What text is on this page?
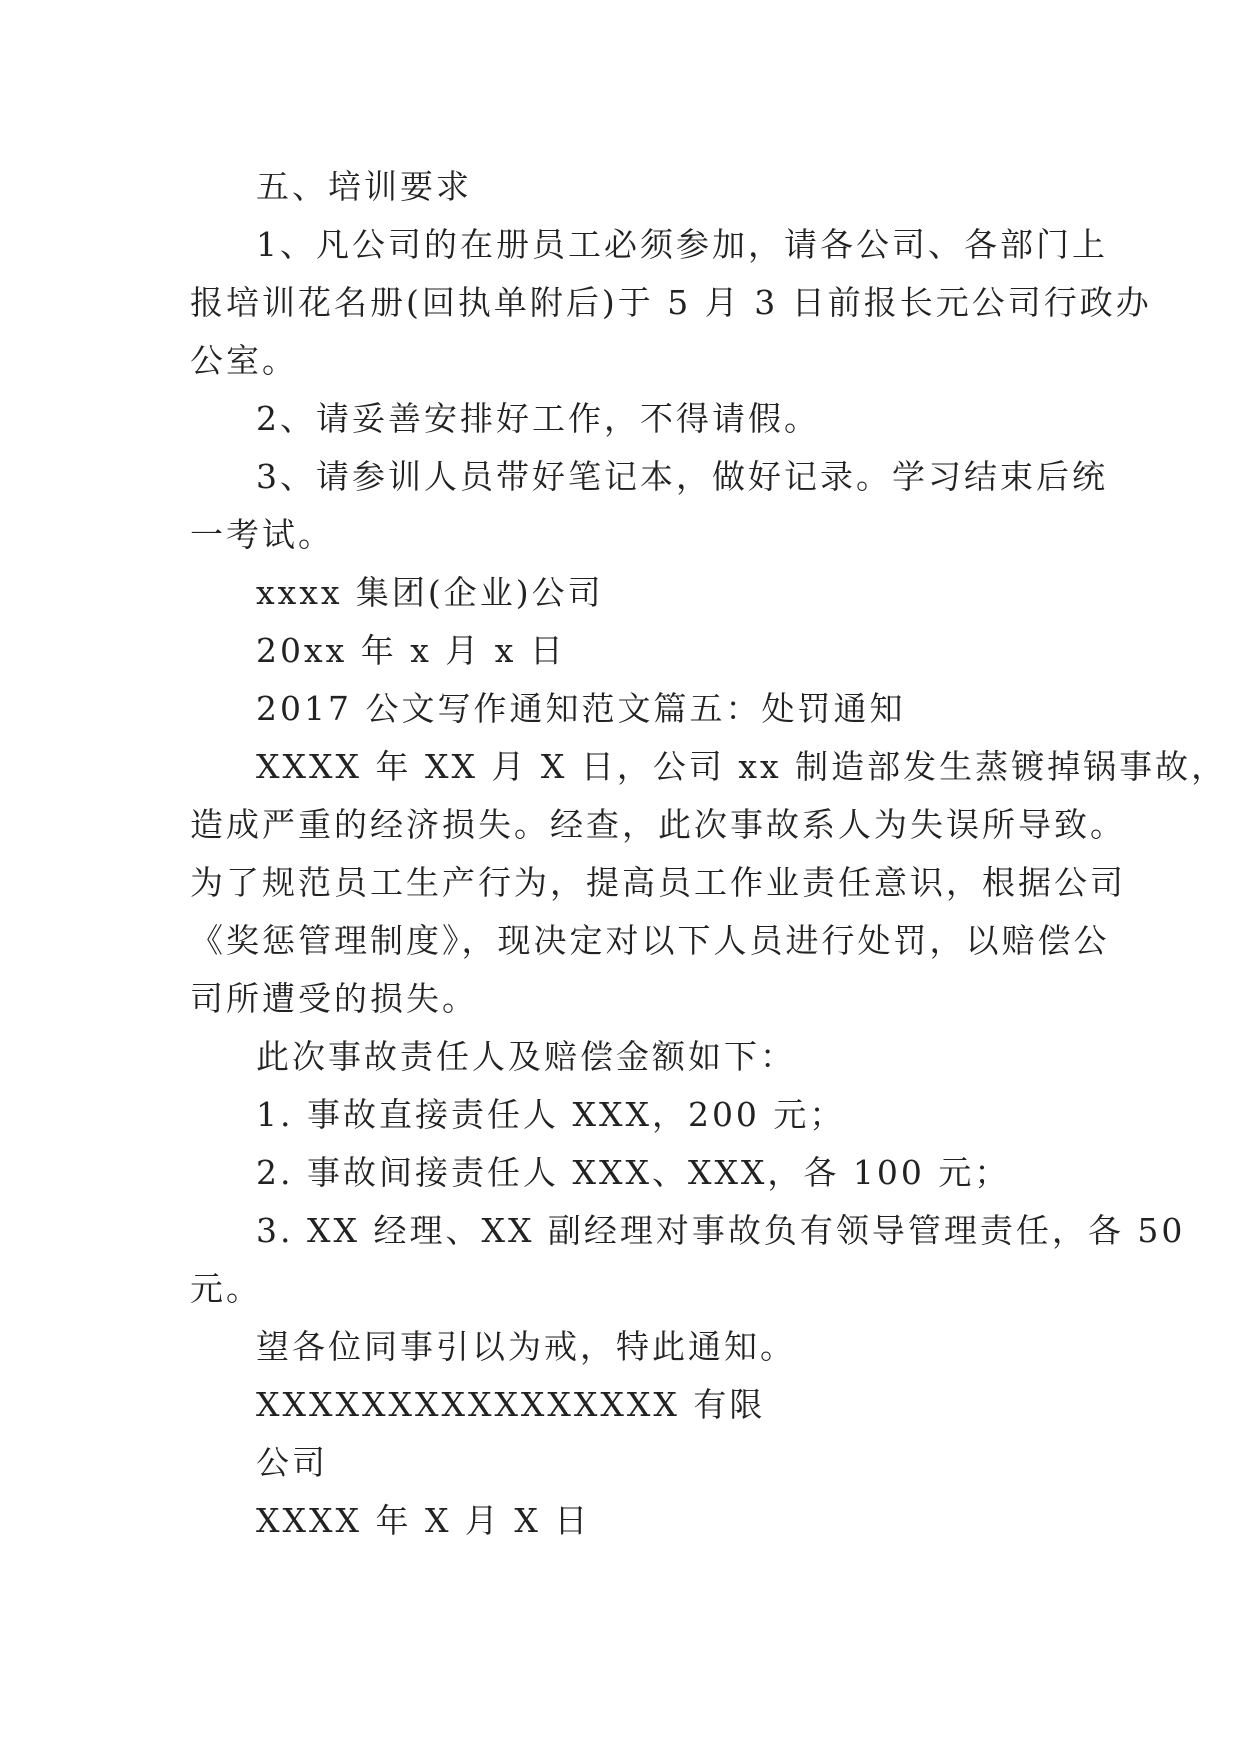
五、培训要求
1、凡公司的在册员工必须参加，请各公司、各部门上
报培训花名册(回执单附后)于 5 月 3 日前报长元公司行政办
公室。
2、请妥善安排好工作，不得请假。
3、请参训人员带好笔记本，做好记录。学习结束后统
一考试。
xxxx 集团(企业)公司
20xx 年 x 月 x 日
2017 公文写作通知范文篇五：处罚通知
XXXX 年 XX 月 X 日，公司 xx 制造部发生蒸镀掉锅事故，
造成严重的经济损失。经查，此次事故系人为失误所导致。
为了规范员工生产行为，提高员工作业责任意识，根据公司
《奖惩管理制度》，现决定对以下人员进行处罚，以赔偿公
司所遭受的损失。
此次事故责任人及赔偿金额如下：
1. 事故直接责任人 XXX，200 元；
2. 事故间接责任人 XXX、XXX，各 100 元；
3. XX 经理、XX 副经理对事故负有领导管理责任，各 50
元。
望各位同事引以为戒，特此通知。
XXXXXXXXXXXXXXXX 有限
公司
XXXX 年 X 月 X 日
